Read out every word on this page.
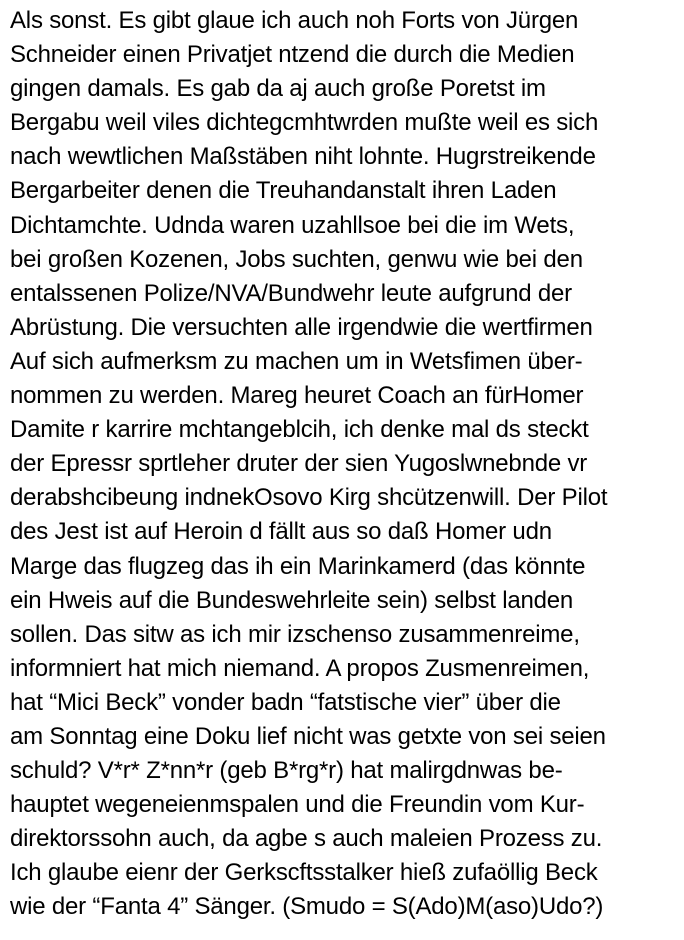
Als sonst. Es gibt glaue ich auch noh Forts von Jürgen

Schneider einen Privatjet ntzend die durch die Medien

gingen damals. Es gab da aj auch große Poretst im

Bergabu weil viles dichtegcmhtwrden mußte weil es sich

nach wewtlichen Maßstäben niht lohnte. Hugrstreikende

Bergarbeiter denen die Treuhandanstalt ihren Laden

Dichtamchte. Udnda waren uzahllsoe bei die im Wets,

bei großen Kozenen, Jobs suchten, genwu wie bei den

entalssenen Polize/NVA/Bundwehr leute aufgrund der

Abrüstung. Die versuchten alle irgendwie die wertfirmen

Auf sich aufmerksm zu machen um in Wetsfimen über-

nommen zu werden. Mareg heuret Coach an fürHomer

Damite r karrire mchtangeblcih, ich denke mal ds steckt

der Epressr sprtleher druter der sien Yugoslwnebnde vr

derabshcibeung indnekOsovo Kirg shcützenwill. Der Pilot

des Jest ist auf Heroin d fällt aus so daß Homer udn

Marge das flugzeg das ih ein Marinkamerd (das könnte

ein Hweis auf die Bundeswehrleite sein) selbst landen

sollen. Das sitw as ich mir izschenso zusammenreime,

informniert hat mich niemand. A propos Zusmenreimen,

hat “Mici Beck” vonder badn “fatstische vier” über die

am Sonntag eine Doku lief nicht was getxte von sei seien

schuld? V*r* Z*nn*r (geb B*rg*r) hat malirgdnwas be-

hauptet wegeneienmspalen und die Freundin vom Kur-

direktorssohn auch, da agbe s auch maleien Prozess zu.

Ich glaube eienr der Gerkscftsstalker hieß zufaöllig Beck

wie der “Fanta 4” Sänger. (Smudo = S(Ado)M(aso)Udo?)
